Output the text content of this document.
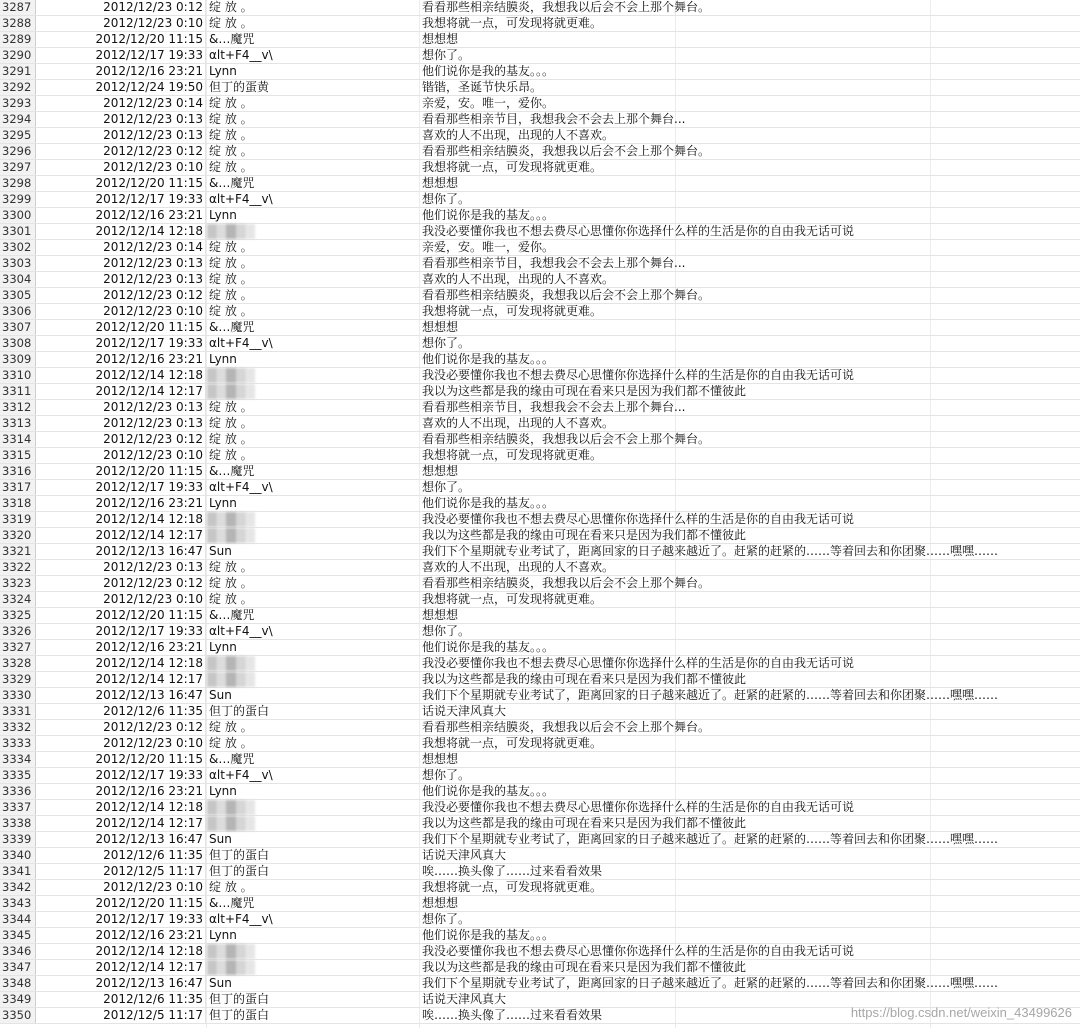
3287	2012/12/23 0:12 绽 放 。	看看那些相亲结膜炎，我想我以后会不会上那个舞台。
3288	2012/12/23 0:10 绽 放 。	我想将就一点，可发现将就更难。
3289	2012/12/20 11:15 &…魔咒	想想想
3290	2012/12/17 19:33 αlt+F4__v\	想你了。
3291	2012/12/16 23:21 Lynn	他们说你是我的基友。。。
3292	2012/12/24 19:50 但丁的蛋黄	锴锴，圣诞节快乐昂。
3293	2012/12/23 0:14 绽 放 。	亲爱，安。唯一，爱你。
3294	2012/12/23 0:13 绽 放 。	看看那些相亲节目，我想我会不会去上那个舞台...
3295	2012/12/23 0:13 绽 放 。	喜欢的人不出现，出现的人不喜欢。
3296	2012/12/23 0:12 绽 放 。	看看那些相亲结膜炎，我想我以后会不会上那个舞台。
3297	2012/12/23 0:10 绽 放 。	我想将就一点，可发现将就更难。
3298	2012/12/20 11:15 &…魔咒	想想想
3299	2012/12/17 19:33 αlt+F4__v\	想你了。
3300	2012/12/16 23:21 Lynn	他们说你是我的基友。。。
3301	2012/12/14 12:18	我没必要懂你我也不想去费尽心思懂你你选择什么样的生活是你的自由我无话可说
3302	2012/12/23 0:14 绽 放 。	亲爱，安。唯一，爱你。
3303	2012/12/23 0:13 绽 放 。	看看那些相亲节目，我想我会不会去上那个舞台...
3304	2012/12/23 0:13 绽 放 。	喜欢的人不出现，出现的人不喜欢。
3305	2012/12/23 0:12 绽 放 。	看看那些相亲结膜炎，我想我以后会不会上那个舞台。
3306	2012/12/23 0:10 绽 放 。	我想将就一点，可发现将就更难。
3307	2012/12/20 11:15 &…魔咒	想想想
3308	2012/12/17 19:33 αlt+F4__v\	想你了。
3309	2012/12/16 23:21 Lynn	他们说你是我的基友。。。
3310	2012/12/14 12:18	我没必要懂你我也不想去费尽心思懂你你选择什么样的生活是你的自由我无话可说
3311	2012/12/14 12:17	我以为这些都是我的缘由可现在看来只是因为我们都不懂彼此
3312	2012/12/23 0:13 绽 放 。	看看那些相亲节目，我想我会不会去上那个舞台...
3313	2012/12/23 0:13 绽 放 。	喜欢的人不出现，出现的人不喜欢。
3314	2012/12/23 0:12 绽 放 。	看看那些相亲结膜炎，我想我以后会不会上那个舞台。
3315	2012/12/23 0:10 绽 放 。	我想将就一点，可发现将就更难。
3316	2012/12/20 11:15 &…魔咒	想想想
3317	2012/12/17 19:33 αlt+F4__v\	想你了。
3318	2012/12/16 23:21 Lynn	他们说你是我的基友。。。
3319	2012/12/14 12:18	我没必要懂你我也不想去费尽心思懂你你选择什么样的生活是你的自由我无话可说
3320	2012/12/14 12:17	我以为这些都是我的缘由可现在看来只是因为我们都不懂彼此
3321	2012/12/13 16:47 Sun	我们下个星期就专业考试了，距离回家的日子越来越近了。赶紧的赶紧的……等着回去和你团聚……嘿嘿……
3322	2012/12/23 0:13 绽 放 。	喜欢的人不出现，出现的人不喜欢。
3323	2012/12/23 0:12 绽 放 。	看看那些相亲结膜炎，我想我以后会不会上那个舞台。
3324	2012/12/23 0:10 绽 放 。	我想将就一点，可发现将就更难。
3325	2012/12/20 11:15 &…魔咒	想想想
3326	2012/12/17 19:33 αlt+F4__v\	想你了。
3327	2012/12/16 23:21 Lynn	他们说你是我的基友。。。
3328	2012/12/14 12:18	我没必要懂你我也不想去费尽心思懂你你选择什么样的生活是你的自由我无话可说
3329	2012/12/14 12:17	我以为这些都是我的缘由可现在看来只是因为我们都不懂彼此
3330	2012/12/13 16:47 Sun	我们下个星期就专业考试了，距离回家的日子越来越近了。赶紧的赶紧的……等着回去和你团聚……嘿嘿……
3331	2012/12/6 11:35 但丁的蛋白	话说天津风真大
3332	2012/12/23 0:12 绽 放 。	看看那些相亲结膜炎，我想我以后会不会上那个舞台。
3333	2012/12/23 0:10 绽 放 。	我想将就一点，可发现将就更难。
3334	2012/12/20 11:15 &…魔咒	想想想
3335	2012/12/17 19:33 αlt+F4__v\	想你了。
3336	2012/12/16 23:21 Lynn	他们说你是我的基友。。。
3337	2012/12/14 12:18	我没必要懂你我也不想去费尽心思懂你你选择什么样的生活是你的自由我无话可说
3338	2012/12/14 12:17	我以为这些都是我的缘由可现在看来只是因为我们都不懂彼此
3339	2012/12/13 16:47 Sun	我们下个星期就专业考试了，距离回家的日子越来越近了。赶紧的赶紧的……等着回去和你团聚……嘿嘿……
3340	2012/12/6 11:35 但丁的蛋白	话说天津风真大
3341	2012/12/5 11:17 但丁的蛋白	唉……换头像了……过来看看效果
3342	2012/12/23 0:10 绽 放 。	我想将就一点，可发现将就更难。
3343	2012/12/20 11:15 &…魔咒	想想想
3344	2012/12/17 19:33 αlt+F4__v\	想你了。
3345	2012/12/16 23:21 Lynn	他们说你是我的基友。。。
3346	2012/12/14 12:18	我没必要懂你我也不想去费尽心思懂你你选择什么样的生活是你的自由我无话可说
3347	2012/12/14 12:17	我以为这些都是我的缘由可现在看来只是因为我们都不懂彼此
3348	2012/12/13 16:47 Sun	我们下个星期就专业考试了，距离回家的日子越来越近了。赶紧的赶紧的……等着回去和你团聚……嘿嘿……
3349	2012/12/6 11:35 但丁的蛋白	话说天津风真大
3350	2012/12/5 11:17 但丁的蛋白	唉……换头像了……过来看看效果	https://blog.csdn.net/weixin_43499626
